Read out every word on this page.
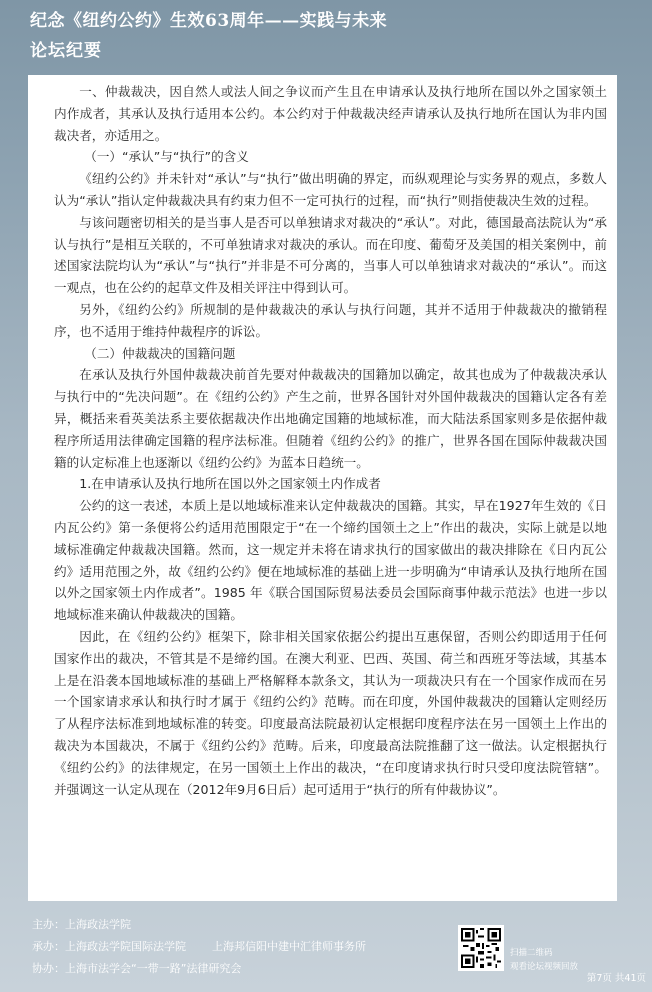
纪念《纽约公约》生效63周年——实践与未来
论坛纪要

一、仲裁裁决，因自然人或法人间之争议而产生且在申请承认及执行地所在国以外之国家领土内作成者，其承认及执行适用本公约。本公约对于仲裁裁决经声请承认及执行地所在国认为非内国裁决者，亦适用之。

（一）“承认”与“执行”的含义

《纽约公约》并未针对“承认”与“执行”做出明确的界定，而纵观理论与实务界的观点，多数人认为“承认”指认定仲裁裁决具有约束力但不一定可执行的过程，而“执行”则指使裁决生效的过程。

与该问题密切相关的是当事人是否可以单独请求对裁决的“承认”。对此，德国最高法院认为“承认与执行”是相互关联的，不可单独请求对裁决的承认。而在印度、葡萄牙及美国的相关案例中，前述国家法院均认为“承认”与“执行”并非是不可分离的，当事人可以单独请求对裁决的“承认”。而这一观点，也在公约的起草文件及相关评注中得到认可。

另外，《纽约公约》所规制的是仲裁裁决的承认与执行问题，其并不适用于仲裁裁决的撤销程序，也不适用于维持仲裁程序的诉讼。

（二）仲裁裁决的国籍问题

在承认及执行外国仲裁裁决前首先要对仲裁裁决的国籍加以确定，故其也成为了仲裁裁决承认与执行中的“先决问题”。在《纽约公约》产生之前，世界各国针对外国仲裁裁决的国籍认定各有差异，概括来看英美法系主要依据裁决作出地确定国籍的地域标准，而大陆法系国家则多是依据仲裁程序所适用法律确定国籍的程序法标准。但随着《纽约公约》的推广，世界各国在国际仲裁裁决国籍的认定标准上也逐渐以《纽约公约》为蓝本日趋统一。

1.在申请承认及执行地所在国以外之国家领土内作成者

公约的这一表述，本质上是以地域标准来认定仲裁裁决的国籍。其实，早在1927年生效的《日内瓦公约》第一条便将公约适用范围限定于“在一个缔约国领土之上”作出的裁决，实际上就是以地域标准确定仲裁裁决国籍。然而，这一规定并未将在请求执行的国家做出的裁决排除在《日内瓦公约》适用范围之外，故《纽约公约》便在地域标准的基础上进一步明确为“申请承认及执行地所在国以外之国家领土内作成者”。1985 年《联合国国际贸易法委员会国际商事仲裁示范法》也进一步以地域标准来确认仲裁裁决的国籍。

因此，在《纽约公约》框架下，除非相关国家依据公约提出互惠保留，否则公约即适用于任何国家作出的裁决，不管其是不是缔约国。在澳大利亚、巴西、英国、荷兰和西班牙等法域，其基本上是在沿袭本国地域标准的基础上严格解释本款条文，其认为一项裁决只有在一个国家作成而在另一个国家请求承认和执行时才属于《纽约公约》范畴。而在印度，外国仲裁裁决的国籍认定则经历了从程序法标准到地域标准的转变。印度最高法院最初认定根据印度程序法在另一国领土上作出的裁决为本国裁决，不属于《纽约公约》范畴。后来，印度最高法院推翻了这一做法。认定根据执行《纽约公约》的法律规定，在另一国领土上作出的裁决，“在印度请求执行时只受印度法院管辖”。并强调这一认定从现在（2012年9月6日后）起可适用于“执行的所有仲裁协议”。

主办：上海政法学院
承办：上海政法学院国际法学院 上海邦信阳中建中汇律师事务所
协办：上海市法学会“一带一路”法律研究会
扫描二维码
观看论坛视频回放
第7页 共41页
